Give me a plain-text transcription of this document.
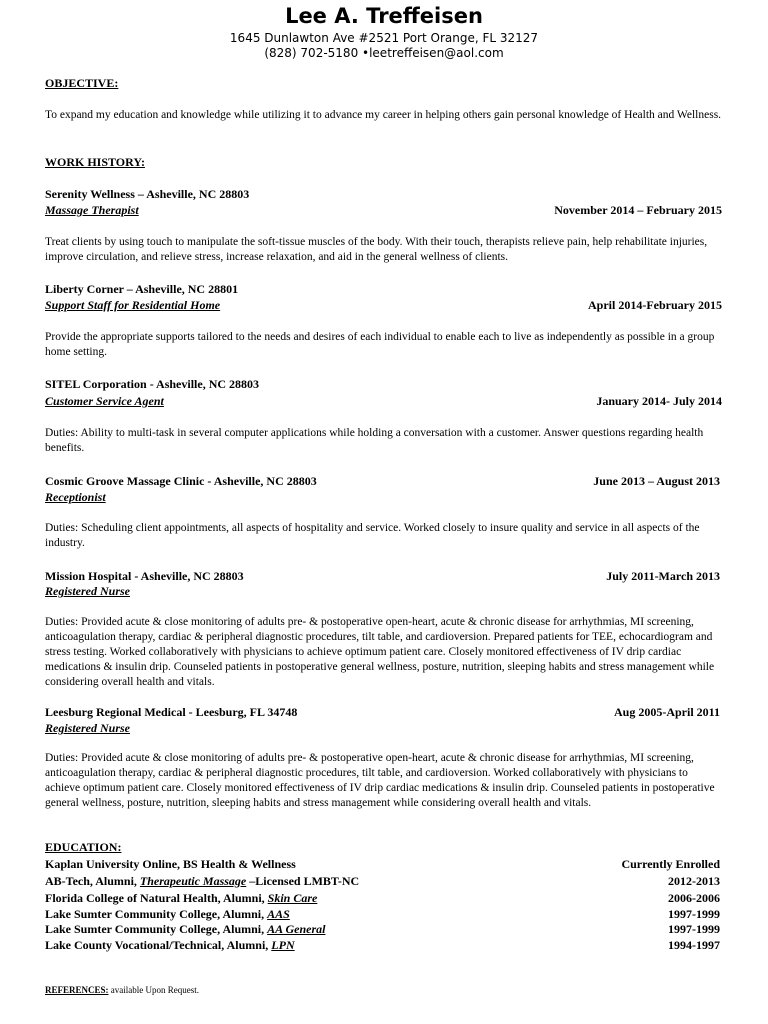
Lee A. Treffeisen
1645 Dunlawton Ave #2521 Port Orange, FL 32127
(828) 702-5180 •leetreffeisen@aol.com
OBJECTIVE:
To expand my education and knowledge while utilizing it to advance my career in helping others gain personal knowledge of Health and Wellness.
WORK HISTORY:
Serenity Wellness – Asheville, NC 28803
Massage Therapist	November 2014 – February 2015
Treat clients by using touch to manipulate the soft-tissue muscles of the body. With their touch, therapists relieve pain, help rehabilitate injuries, improve circulation, and relieve stress, increase relaxation, and aid in the general wellness of clients.
Liberty Corner – Asheville, NC 28801
Support Staff for Residential Home	April 2014-February 2015
Provide the appropriate supports tailored to the needs and desires of each individual to enable each to live as independently as possible in a group home setting.
SITEL Corporation - Asheville, NC 28803
Customer Service Agent	January 2014- July 2014
Duties: Ability to multi-task in several computer applications while holding a conversation with a customer. Answer questions regarding health benefits.
Cosmic Groove Massage Clinic - Asheville, NC 28803	June 2013 – August 2013
Receptionist
Duties: Scheduling client appointments, all aspects of hospitality and service. Worked closely to insure quality and service in all aspects of the industry.
Mission Hospital - Asheville, NC 28803	July 2011-March 2013
Registered Nurse
Duties: Provided acute & close monitoring of adults pre- & postoperative open-heart, acute & chronic disease for arrhythmias, MI screening, anticoagulation therapy, cardiac & peripheral diagnostic procedures, tilt table, and cardioversion. Prepared patients for TEE, echocardiogram and stress testing. Worked collaboratively with physicians to achieve optimum patient care. Closely monitored effectiveness of IV drip cardiac medications & insulin drip. Counseled patients in postoperative general wellness, posture, nutrition, sleeping habits and stress management while considering overall health and vitals.
Leesburg Regional Medical - Leesburg, FL 34748	Aug 2005-April 2011
Registered Nurse
Duties: Provided acute & close monitoring of adults pre- & postoperative open-heart, acute & chronic disease for arrhythmias, MI screening, anticoagulation therapy, cardiac & peripheral diagnostic procedures, tilt table, and cardioversion. Worked collaboratively with physicians to achieve optimum patient care. Closely monitored effectiveness of IV drip cardiac medications & insulin drip. Counseled patients in postoperative general wellness, posture, nutrition, sleeping habits and stress management while considering overall health and vitals.
EDUCATION:
Kaplan University Online, BS Health & Wellness	Currently Enrolled
AB-Tech, Alumni, Therapeutic Massage –Licensed LMBT-NC	2012-2013
Florida College of Natural Health, Alumni, Skin Care	2006-2006
Lake Sumter Community College, Alumni, AAS	1997-1999
Lake Sumter Community College, Alumni, AA General	1997-1999
Lake County Vocational/Technical, Alumni, LPN	1994-1997
REFERENCES: available Upon Request.
